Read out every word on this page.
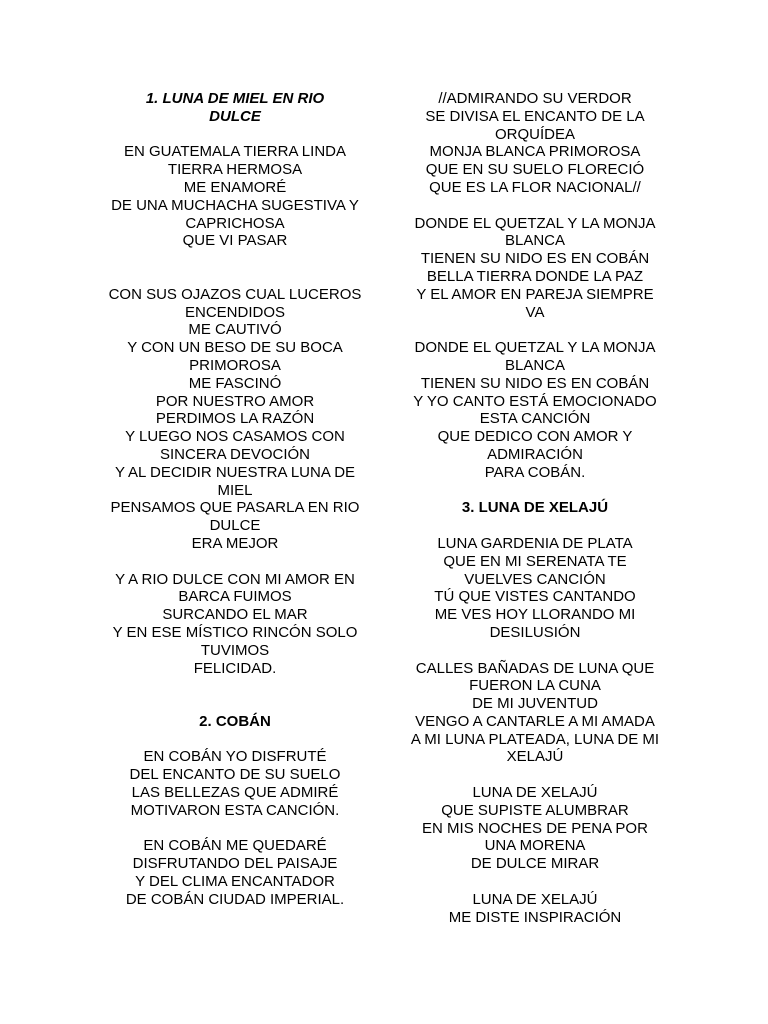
1. LUNA DE MIEL EN RIO
DULCE
EN GUATEMALA TIERRA LINDA
TIERRA HERMOSA
ME ENAMORÉ
DE UNA MUCHACHA SUGESTIVA Y
CAPRICHOSA
QUE VI PASAR
CON SUS OJAZOS CUAL LUCEROS
ENCENDIDOS
ME CAUTIVÓ
Y CON UN BESO DE SU BOCA
PRIMOROSA
ME FASCINÓ
POR NUESTRO AMOR
PERDIMOS LA RAZÓN
Y LUEGO NOS CASAMOS CON
SINCERA DEVOCIÓN
Y AL DECIDIR NUESTRA LUNA DE
MIEL
PENSAMOS QUE PASARLA EN RIO
DULCE
ERA MEJOR
Y A RIO DULCE CON MI AMOR EN
BARCA FUIMOS
SURCANDO EL MAR
Y EN ESE MÍSTICO RINCÓN SOLO
TUVIMOS
FELICIDAD.
2. COBÁN
EN COBÁN YO DISFRUTÉ
DEL ENCANTO DE SU SUELO
LAS BELLEZAS QUE ADMIRÉ
MOTIVARON ESTA CANCIÓN.
EN COBÁN ME QUEDARÉ
DISFRUTANDO DEL PAISAJE
Y DEL CLIMA ENCANTADOR
DE COBÁN CIUDAD IMPERIAL.
//ADMIRANDO SU VERDOR
SE DIVISA EL ENCANTO DE LA
ORQUÍDEA
MONJA BLANCA PRIMOROSA
QUE EN SU SUELO FLORECIÓ
QUE ES LA FLOR NACIONAL//
DONDE EL QUETZAL Y LA MONJA
BLANCA
TIENEN SU NIDO ES EN COBÁN
BELLA TIERRA DONDE LA PAZ
Y EL AMOR EN PAREJA SIEMPRE
VA
DONDE EL QUETZAL Y LA MONJA
BLANCA
TIENEN SU NIDO ES EN COBÁN
Y YO CANTO ESTÁ EMOCIONADO
ESTA CANCIÓN
QUE DEDICO CON AMOR Y
ADMIRACIÓN
PARA COBÁN.
3. LUNA DE XELAJÚ
LUNA GARDENIA DE PLATA
QUE EN MI SERENATA TE
VUELVES CANCIÓN
TÚ QUE VISTES CANTANDO
ME VES HOY LLORANDO MI
DESILUSIÓN
CALLES BAÑADAS DE LUNA QUE
FUERON LA CUNA
DE MI JUVENTUD
VENGO A CANTARLE A MI AMADA
A MI LUNA PLATEADA, LUNA DE MI
XELAJÚ
LUNA DE XELAJÚ
QUE SUPISTE ALUMBRAR
EN MIS NOCHES DE PENA POR
UNA MORENA
DE DULCE MIRAR
LUNA DE XELAJÚ
ME DISTE INSPIRACIÓN
